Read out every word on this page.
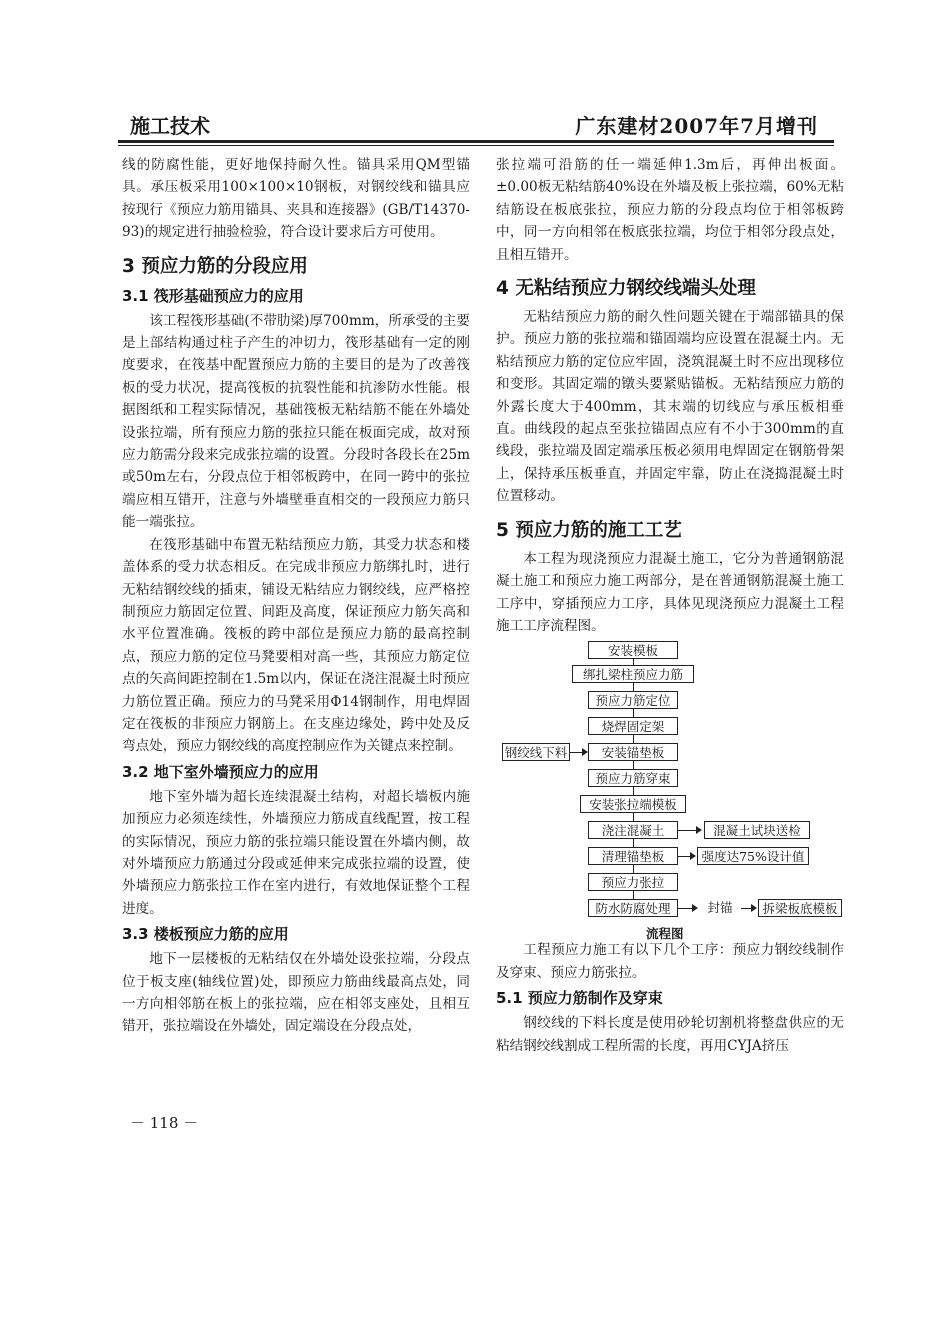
施工技术	广东建材2007年7月增刊

线的防腐性能，更好地保持耐久性。锚具采用QM型锚具。承压板采用100×100×10钢板，对钢绞线和锚具应按现行《预应力筋用锚具、夹具和连接器》(GB/T14370-93)的规定进行抽验检验，符合设计要求后方可使用。

3 预应力筋的分段应用
3.1 筏形基础预应力的应用

该工程筏形基础(不带肋梁)厚700mm，所承受的主要是上部结构通过柱子产生的冲切力，筏形基础有一定的刚度要求，在筏基中配置预应力筋的主要目的是为了改善筏板的受力状况，提高筏板的抗裂性能和抗渗防水性能。根据图纸和工程实际情况，基础筏板无粘结筋不能在外墙处设张拉端，所有预应力筋的张拉只能在板面完成，故对预应力筋需分段来完成张拉端的设置。分段时各段长在25m或50m左右，分段点位于相邻板跨中，在同一跨中的张拉端应相互错开，注意与外墙壁垂直相交的一段预应力筋只能一端张拉。

在筏形基础中布置无粘结预应力筋，其受力状态和楼盖体系的受力状态相反。在完成非预应力筋绑扎时，进行无粘结钢绞线的插束，铺设无粘结应力钢绞线，应严格控制预应力筋固定位置、间距及高度，保证预应力筋矢高和水平位置准确。筏板的跨中部位是预应力筋的最高控制点，预应力筋的定位马凳要相对高一些，其预应力筋定位点的矢高间距控制在1.5m以内，保证在浇注混凝土时预应力筋位置正确。预应力的马凳采用Φ14钢制作，用电焊固定在筏板的非预应力钢筋上。在支座边缘处，跨中处及反弯点处，预应力钢绞线的高度控制应作为关键点来控制。

3.2 地下室外墙预应力的应用

地下室外墙为超长连续混凝土结构，对超长墙板内施加预应力必须连续性，外墙预应力筋成直线配置，按工程的实际情况，预应力筋的张拉端只能设置在外墙内侧，故对外墙预应力筋通过分段或延伸来完成张拉端的设置，使外墙预应力筋张拉工作在室内进行，有效地保证整个工程进度。

3.3 楼板预应力筋的应用

地下一层楼板的无粘结仅在外墙处设张拉端，分段点位于板支座(轴线位置)处，即预应力筋曲线最高点处，同一方向相邻筋在板上的张拉端，应在相邻支座处，且相互错开，张拉端设在外墙处，固定端设在分段点处，

张拉端可沿筋的任一端延伸1.3m后，再伸出板面。±0.00板无粘结筋40%设在外墙及板上张拉端，60%无粘结筋设在板底张拉，预应力筋的分段点均位于相邻板跨中，同一方向相邻在板底张拉端，均位于相邻分段点处，且相互错开。

4 无粘结预应力钢绞线端头处理

无粘结预应力筋的耐久性问题关键在于端部锚具的保护。预应力筋的张拉端和锚固端均应设置在混凝土内。无粘结预应力筋的定位应牢固，浇筑混凝土时不应出现移位和变形。其固定端的镦头要紧贴锚板。无粘结预应力筋的外露长度大于400mm，其末端的切线应与承压板相垂直。曲线段的起点至张拉锚固点应有不小于300mm的直线段，张拉端及固定端承压板必须用电焊固定在钢筋骨架上，保持承压板垂直，并固定牢靠，防止在浇捣混凝土时位置移动。

5 预应力筋的施工工艺

本工程为现浇预应力混凝土施工，它分为普通钢筋混凝土施工和预应力施工两部分，是在普通钢筋混凝土施工工序中，穿插预应力工序，具体见现浇预应力混凝土工程施工工序流程图。

安装模板
绑扎梁柱预应力筋
预应力筋定位
烧焊固定架
安装锚垫板
预应力筋穿束
安装张拉端模板
浇注混凝土
清理锚垫板
预应力张拉
防水防腐处理
钢绞线下料
混凝土试块送检
强度达75%设计值
封锚	拆梁板底模板
流程图

工程预应力施工有以下几个工序：预应力钢绞线制作及穿束、预应力筋张拉。

5.1 预应力筋制作及穿束

钢绞线的下料长度是使用砂轮切割机将整盘供应的无粘结钢绞线割成工程所需的长度，再用CYJA挤压

－ 118 －
